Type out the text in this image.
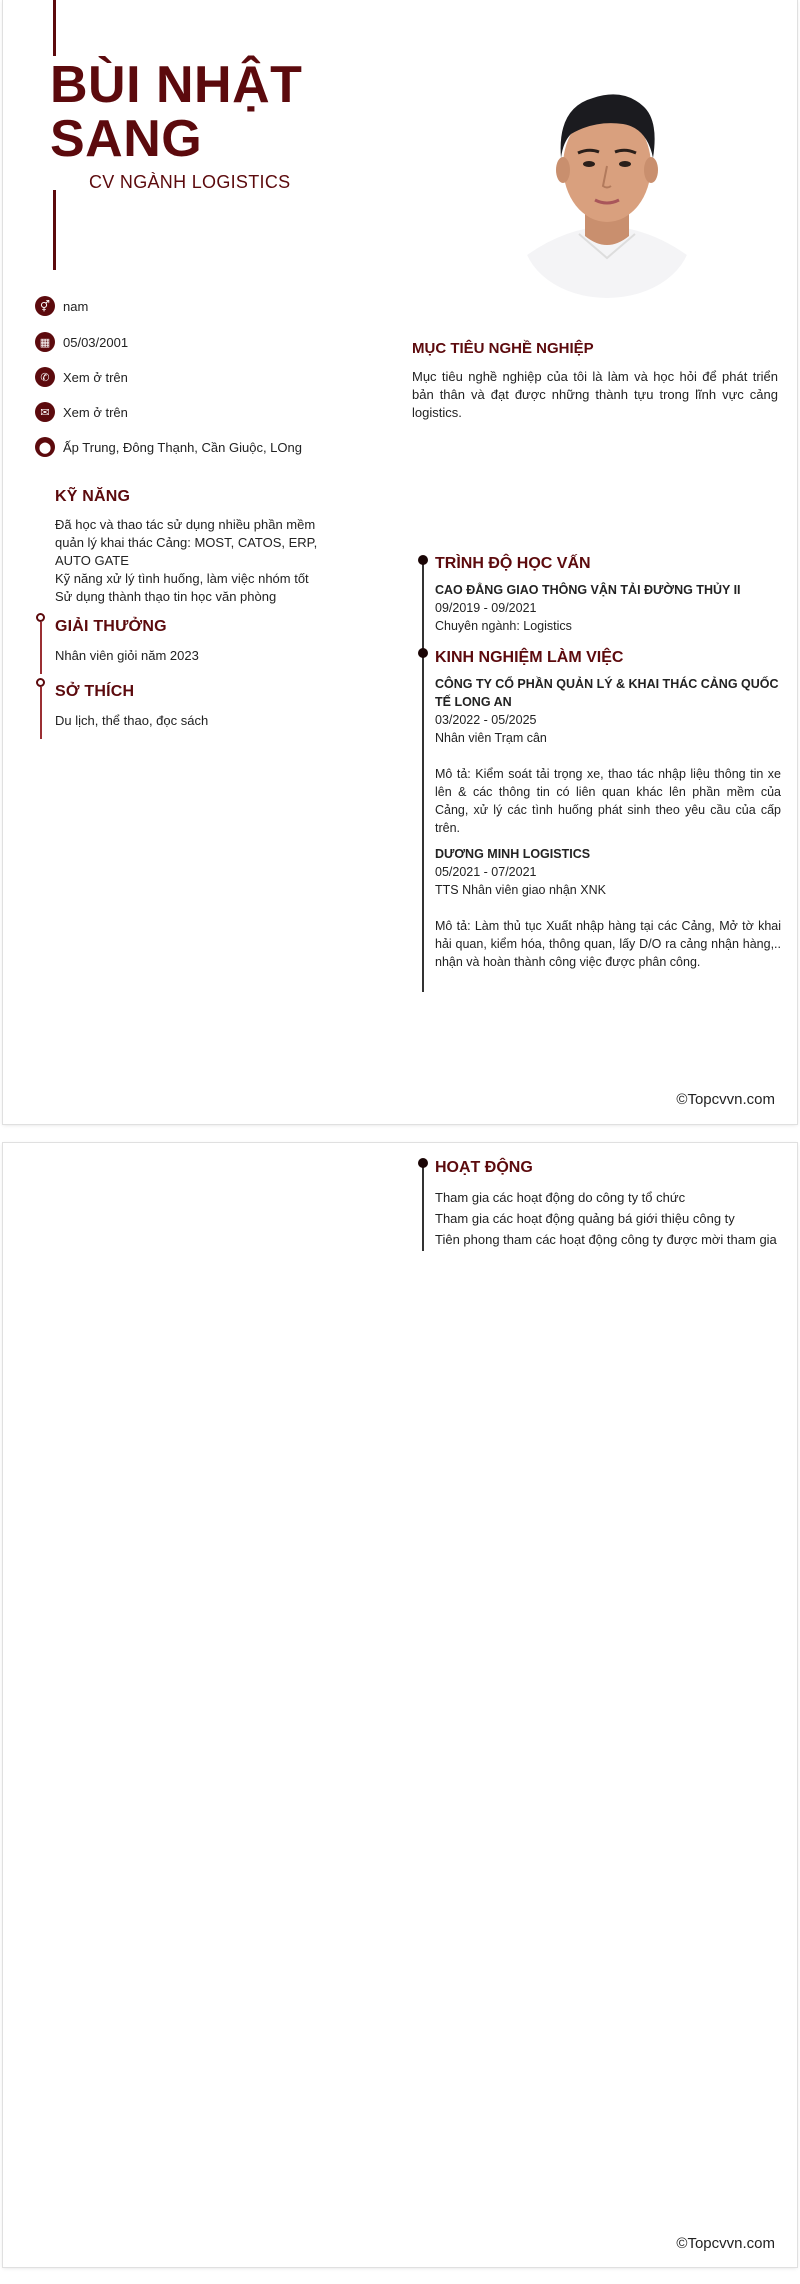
BÙI NHẬT SANG
CV NGÀNH LOGISTICS
⚥	nam
▦ 05/03/2001
✆	Xem ở trên
✉	Xem ở trên
⬤ Ấp Trung, Đông Thạnh, Cần Giuộc, LOng
KỸ NĂNG
Đã học và thao tác sử dụng nhiều phần mềm quản lý khai thác Cảng: MOST, CATOS, ERP, AUTO GATE
Kỹ năng xử lý tình huống, làm việc nhóm tốt
Sử dụng thành thạo tin học văn phòng
GIẢI THƯỞNG
Nhân viên giỏi năm 2023
SỞ THÍCH
Du lịch, thể thao, đọc sách
MỤC TIÊU NGHỀ NGHIỆP
Mục tiêu nghề nghiệp của tôi là làm và học hỏi để phát triển bản thân và đạt được những thành tựu trong lĩnh vực cảng logistics.
TRÌNH ĐỘ HỌC VẤN
CAO ĐẲNG GIAO THÔNG VẬN TẢI ĐƯỜNG THỦY II
09/2019 - 09/2021
Chuyên ngành: Logistics
KINH NGHIỆM LÀM VIỆC
CÔNG TY CỔ PHẦN QUẢN LÝ & KHAI THÁC CẢNG QUỐC TẾ LONG AN
03/2022 - 05/2025
Nhân viên Trạm cân
Mô tả: Kiểm soát tải trọng xe, thao tác nhập liệu thông tin xe lên & các thông tin có liên quan khác lên phần mềm của Cảng, xử lý các tình huống phát sinh theo yêu cầu của cấp trên.
DƯƠNG MINH LOGISTICS
05/2021 - 07/2021
TTS Nhân viên giao nhận XNK
Mô tả: Làm thủ tục Xuất nhập hàng tại các Cảng, Mở tờ khai hải quan, kiểm hóa, thông quan, lấy D/O ra cảng nhận hàng,.. nhận và hoàn thành công việc được phân công.
©Topcvvn.com
HOẠT ĐỘNG
Tham gia các hoạt động do công ty tổ chức
Tham gia các hoạt động quảng bá giới thiệu công ty
Tiên phong tham các hoạt động công ty được mời tham gia
©Topcvvn.com
